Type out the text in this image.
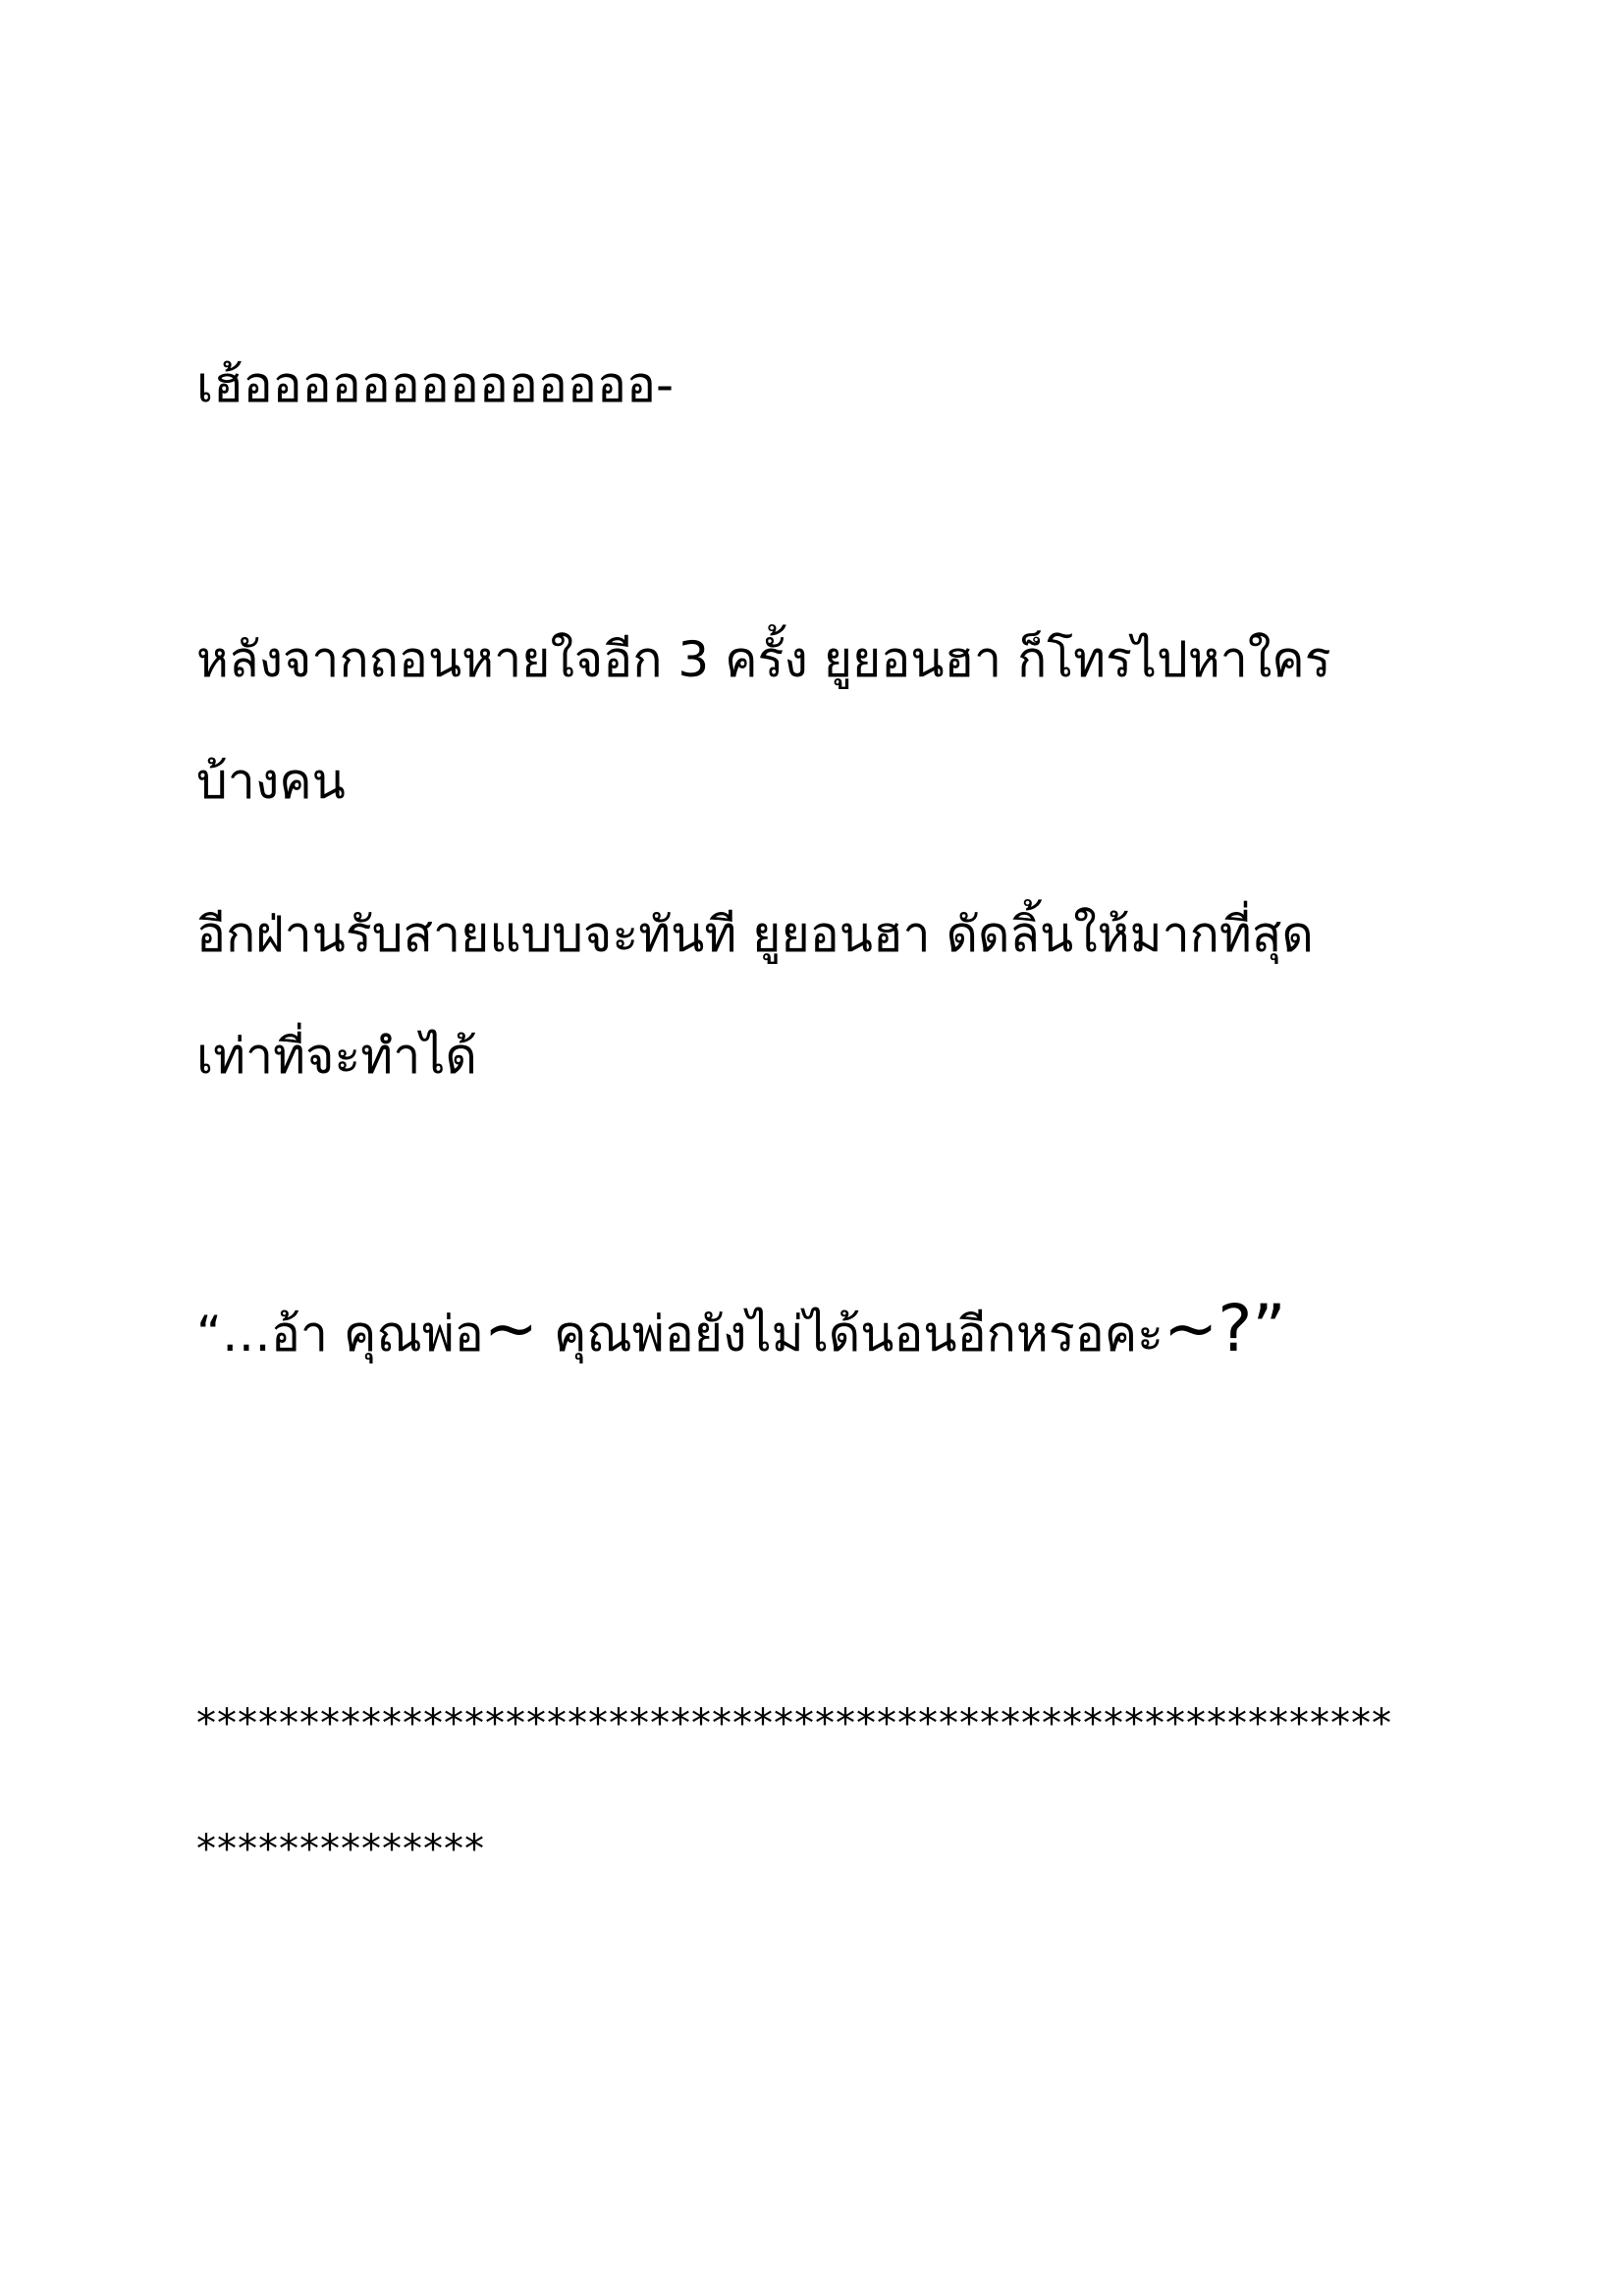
เฮ้ออออออออออออออ-

หลังจากถอนหายใจอีก 3 ครั้ง ยูยอนฮา ก็โทรไปหาใคร

บ้างคน

อีกฝ่านรับสายแบบจะทันที ยูยอนฮา ดัดลิ้นให้มากที่สุด

เท่าที่จะทำได้

“…อ้า คุณพ่อ~ คุณพ่อยังไม่ได้นอนอีกหรอคะ~?”

**********************************************************

**************
